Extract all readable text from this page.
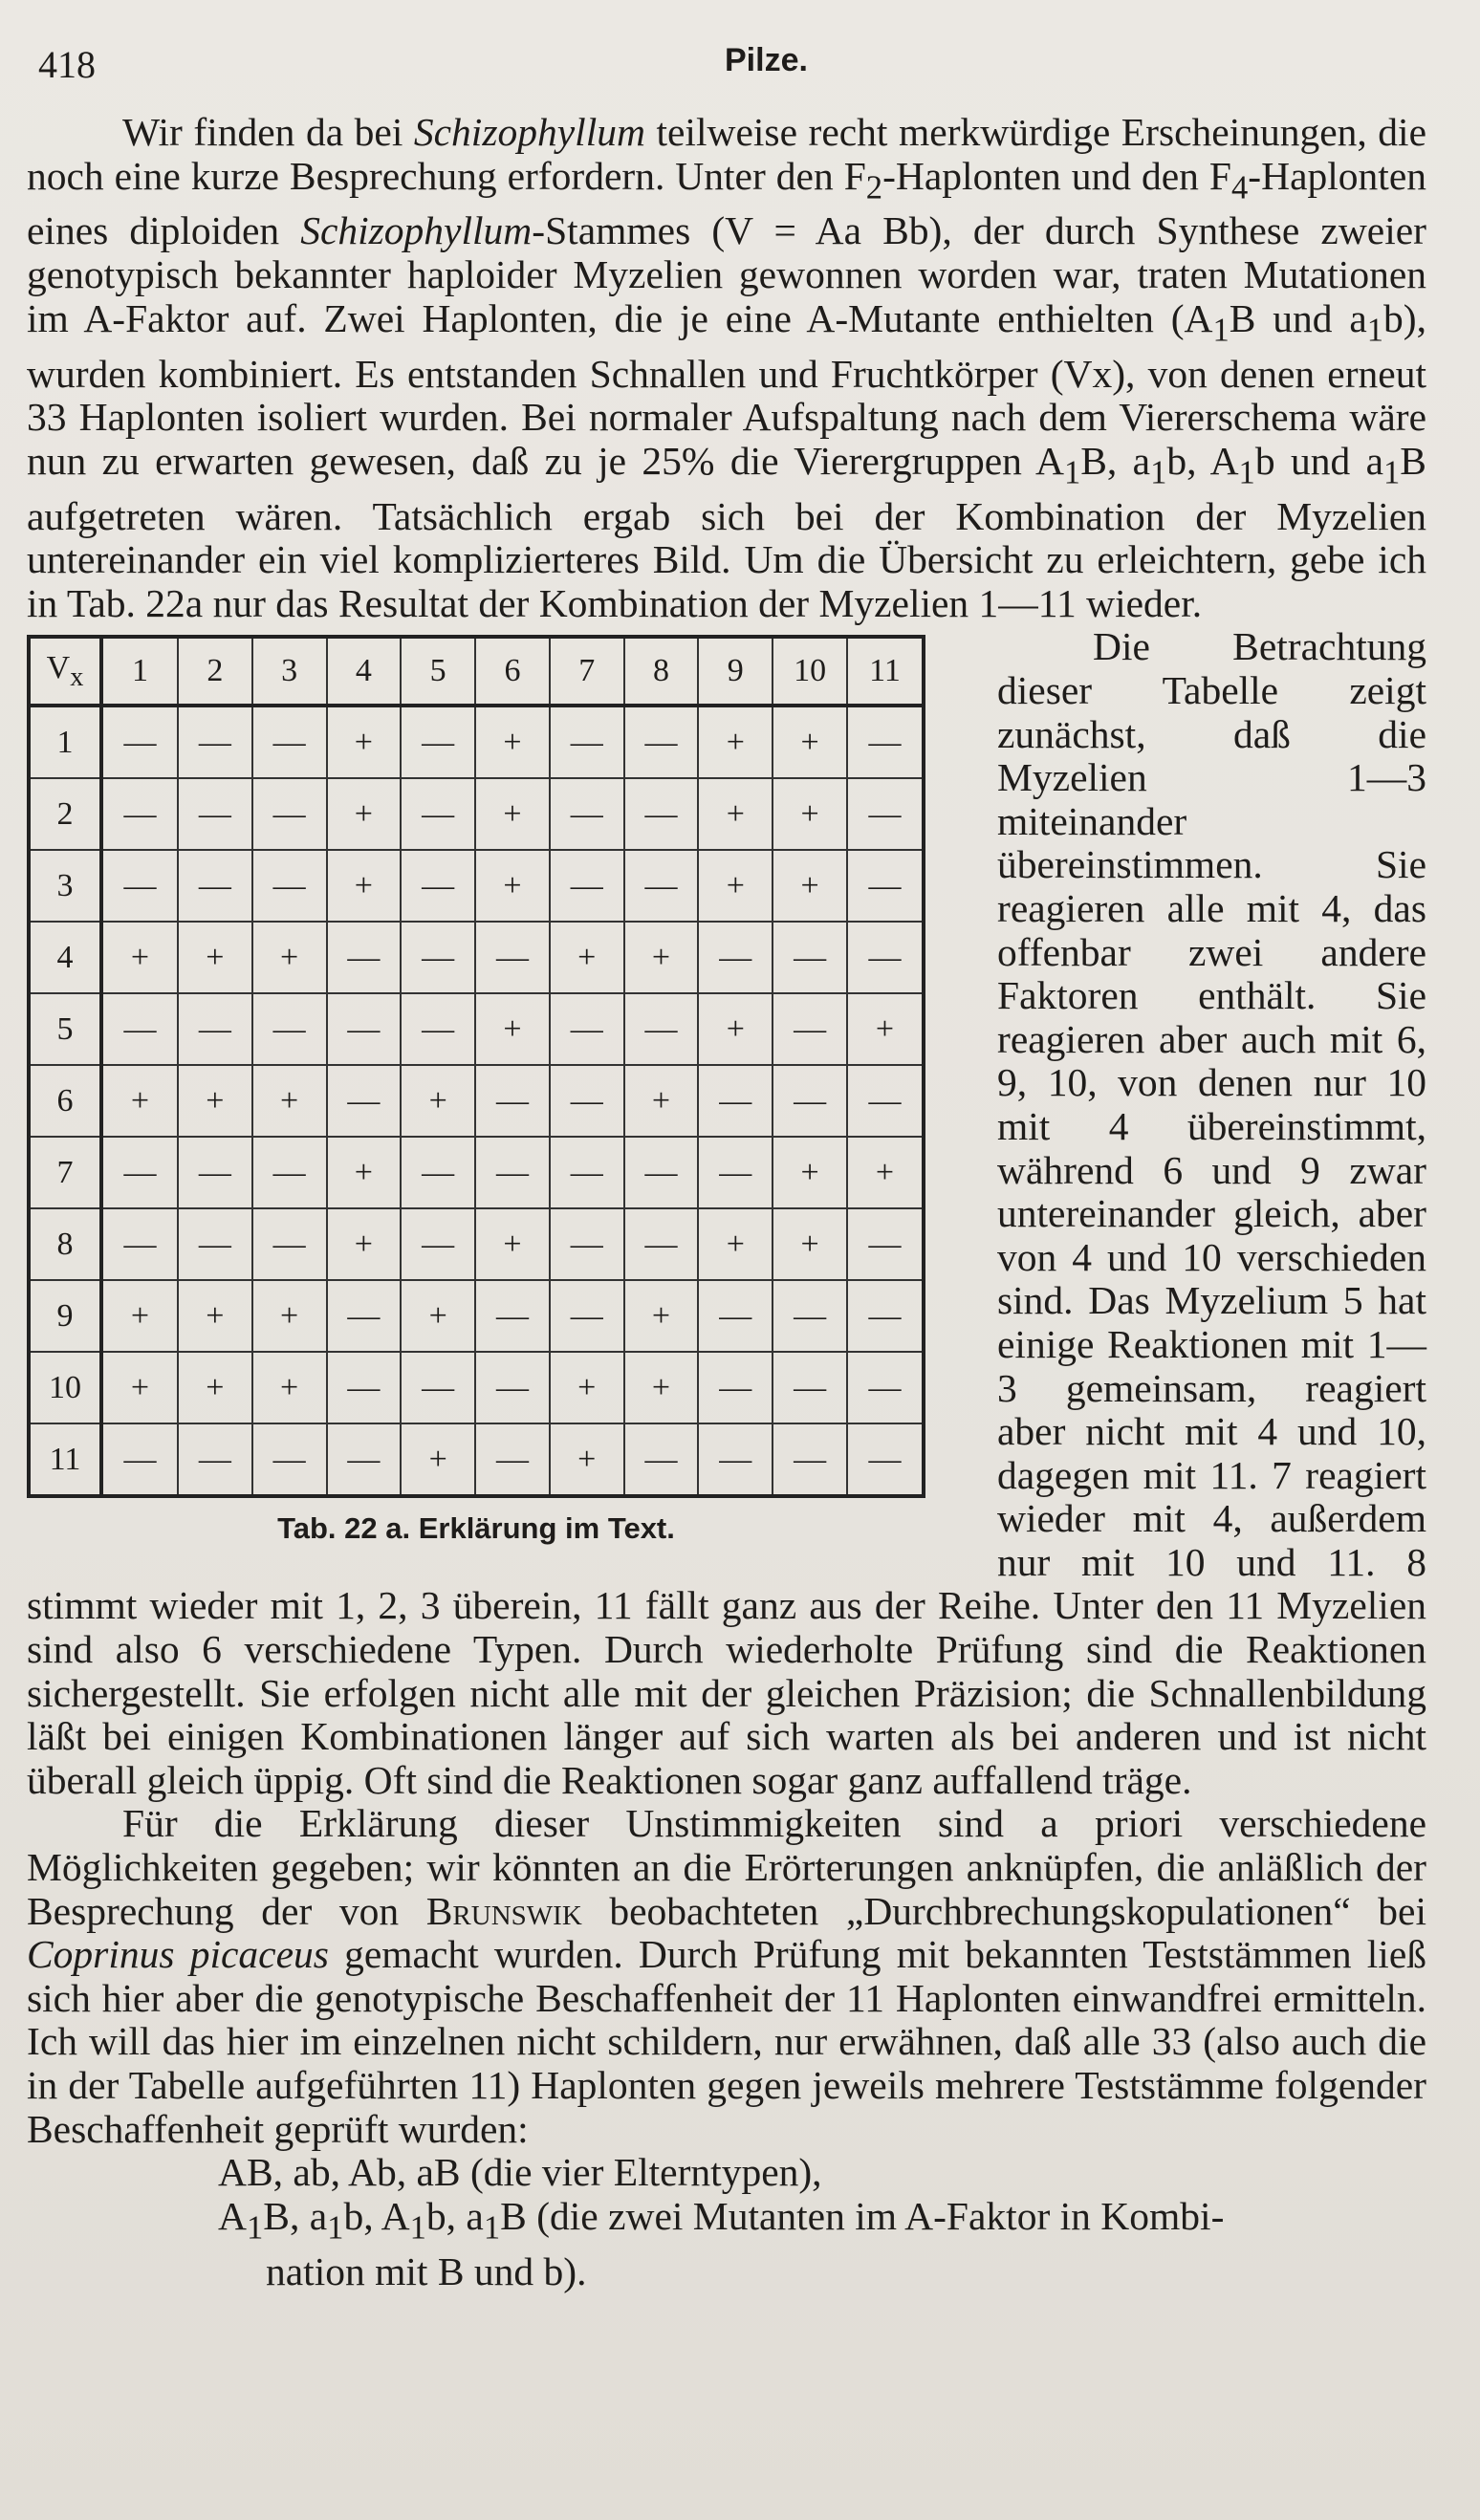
418	Pilze.
Wir finden da bei Schizophyllum teilweise recht merkwürdige Erscheinungen, die noch eine kurze Besprechung erfordern. Unter den $F_2$-Haplonten und den $F_4$-Haplonten eines diploiden Schizophyllum-Stammes (V = Aa Bb), der durch Synthese zweier genotypisch bekannter haploider Myzelien gewonnen worden war, traten Mutationen im A-Faktor auf. Zwei Haplonten, die je eine A-Mutante enthielten ($A_1B$ und $a_1b$), wurden kombiniert. Es entstanden Schnallen und Fruchtkörper (Vx), von denen erneut 33 Haplonten isoliert wurden. Bei normaler Aufspaltung nach dem Viererschema wäre nun zu erwarten gewesen, daß zu je 25% die Vierergruppen $A_1B$, $a_1b$, $A_1b$ und $a_1B$ aufgetreten wären. Tatsächlich ergab sich bei der Kombination der Myzelien untereinander ein viel komplizierteres Bild. Um die Übersicht zu erleichtern, gebe ich in Tab. 22a nur das Resultat der Kombination der Myzelien 1—11 wieder.
$V_x$	1	2	3	4	5	6	7	8	9	10	11
1	—	—	—	+	—	+	—	—	+	+	—
2	—	—	—	+	—	+	—	—	+	+	—
3	—	—	—	+	—	+	—	—	+	+	—
4	+	+	+	—	—	—	+	+	—	—	—
5	—	—	—	—	—	+	—	—	+	—	+
6	+	+	+	—	+	—	—	+	—	—	—
7	—	—	—	+	—	—	—	—	—	+	+
8	—	—	—	+	—	+	—	—	+	+	—
9	+	+	+	—	+	—	—	+	—	—	—
10	+	+	+	—	—	—	+	+	—	—	—
11	—	—	—	—	+	—	+	—	—	—	—
Tab. 22 a. Erklärung im Text.
Die Betrachtung dieser Tabelle zeigt zunächst, daß die Myzelien 1—3 miteinander übereinstimmen. Sie reagieren alle mit 4, das offenbar zwei andere Faktoren enthält. Sie reagieren aber auch mit 6, 9, 10, von denen nur 10 mit 4 übereinstimmt, während 6 und 9 zwar untereinander gleich, aber von 4 und 10 verschieden sind. Das Myzelium 5 hat einige Reaktionen mit 1—3 gemeinsam, reagiert aber nicht mit 4 und 10, dagegen mit 11. 7 reagiert wieder mit 4, außerdem nur mit 10 und 11. 8 stimmt wieder mit 1, 2, 3 überein, 11 fällt ganz aus der Reihe. Unter den 11 Myzelien sind also 6 verschiedene Typen. Durch wiederholte Prüfung sind die Reaktionen sichergestellt. Sie erfolgen nicht alle mit der gleichen Präzision; die Schnallenbildung läßt bei einigen Kombinationen länger auf sich warten als bei anderen und ist nicht überall gleich üppig. Oft sind die Reaktionen sogar ganz auffallend träge.
Für die Erklärung dieser Unstimmigkeiten sind a priori verschiedene Möglichkeiten gegeben; wir könnten an die Erörterungen anknüpfen, die anläßlich der Besprechung der von Brunswik beobachteten „Durchbrechungskopulationen“ bei Coprinus picaceus gemacht wurden. Durch Prüfung mit bekannten Teststämmen ließ sich hier aber die genotypische Beschaffenheit der 11 Haplonten einwandfrei ermitteln. Ich will das hier im einzelnen nicht schildern, nur erwähnen, daß alle 33 (also auch die in der Tabelle aufgeführten 11) Haplonten gegen jeweils mehrere Teststämme folgender Beschaffenheit geprüft wurden:
AB, ab, Ab, aB (die vier Elterntypen),
$A_1B$, $a_1b$, $A_1b$, $a_1B$ (die zwei Mutanten im A-Faktor in Kombi-
nation mit B und b).
